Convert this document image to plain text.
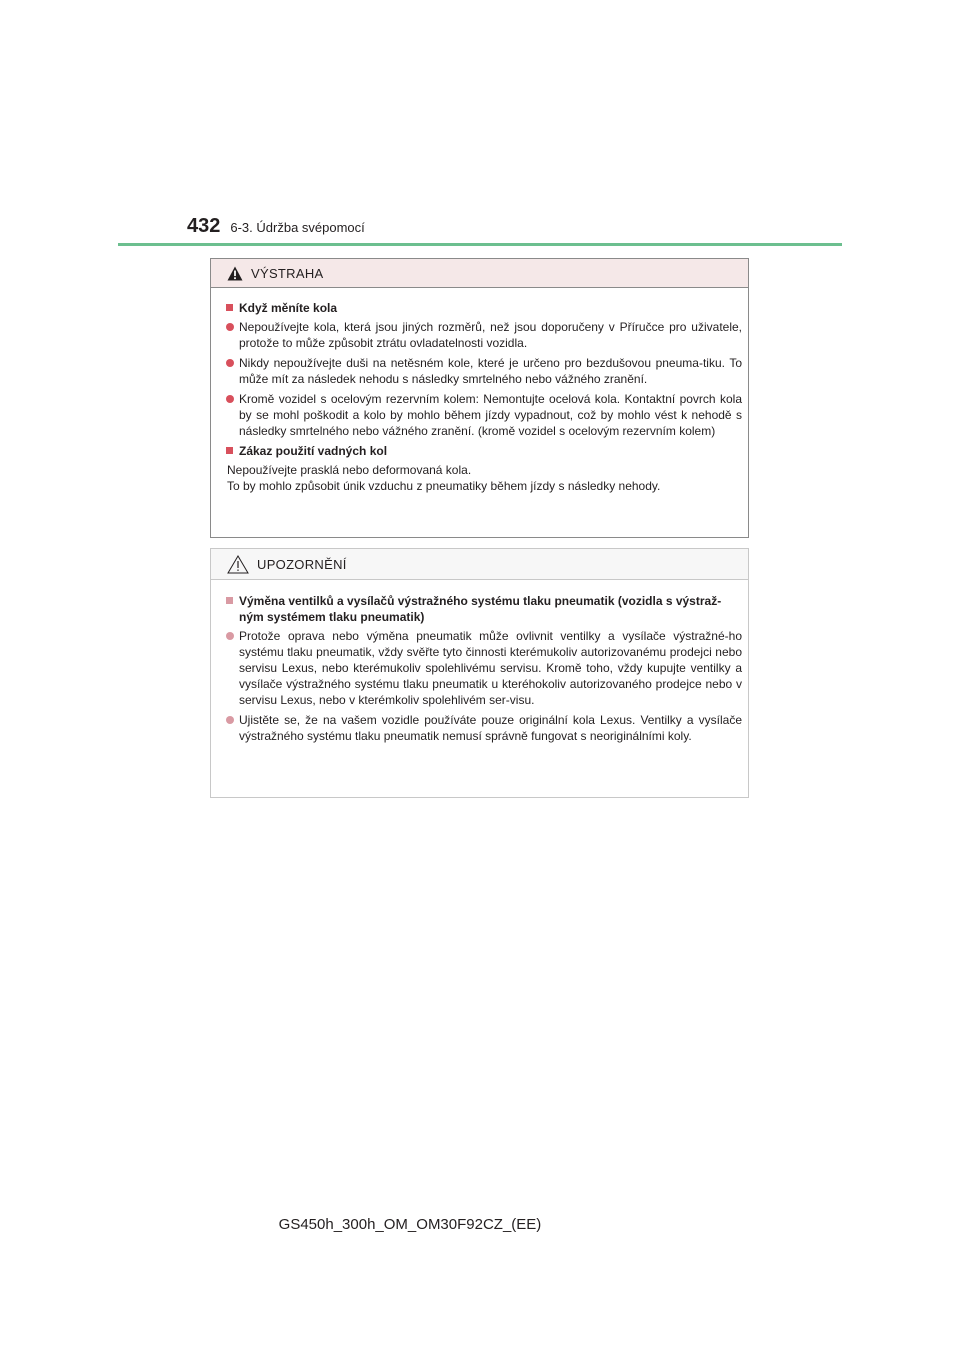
432 6-3. Údržba svépomocí
VÝSTRAHA
Když měníte kola
Nepoužívejte kola, která jsou jiných rozměrů, než jsou doporučeny v Příručce pro uživatele, protože to může způsobit ztrátu ovladatelnosti vozidla.
Nikdy nepoužívejte duši na netěsném kole, které je určeno pro bezdušovou pneuma-tiku. To může mít za následek nehodu s následky smrtelného nebo vážného zranění.
Kromě vozidel s ocelovým rezervním kolem: Nemontujte ocelová kola. Kontaktní povrch kola by se mohl poškodit a kolo by mohlo během jízdy vypadnout, což by mohlo vést k nehodě s následky smrtelného nebo vážného zranění. (kromě vozidel s ocelovým rezervním kolem)
Zákaz použití vadných kol
Nepoužívejte prasklá nebo deformovaná kola.
To by mohlo způsobit únik vzduchu z pneumatiky během jízdy s následky nehody.
UPOZORNĚNÍ
Výměna ventilků a vysílačů výstražného systému tlaku pneumatik (vozidla s výstraž-ným systémem tlaku pneumatik)
Protože oprava nebo výměna pneumatik může ovlivnit ventilky a vysílače výstražné-ho systému tlaku pneumatik, vždy svěřte tyto činnosti kterémukoliv autorizovanému prodejci nebo servisu Lexus, nebo kterémukoliv spolehlivému servisu. Kromě toho, vždy kupujte ventilky a vysílače výstražného systému tlaku pneumatik u kteréhokoliv autorizovaného prodejce nebo v servisu Lexus, nebo v kterémkoliv spolehlivém ser-visu.
Ujistěte se, že na vašem vozidle používáte pouze originální kola Lexus. Ventilky a vysílače výstražného systému tlaku pneumatik nemusí správně fungovat s neoriginálními koly.
GS450h_300h_OM_OM30F92CZ_(EE)
